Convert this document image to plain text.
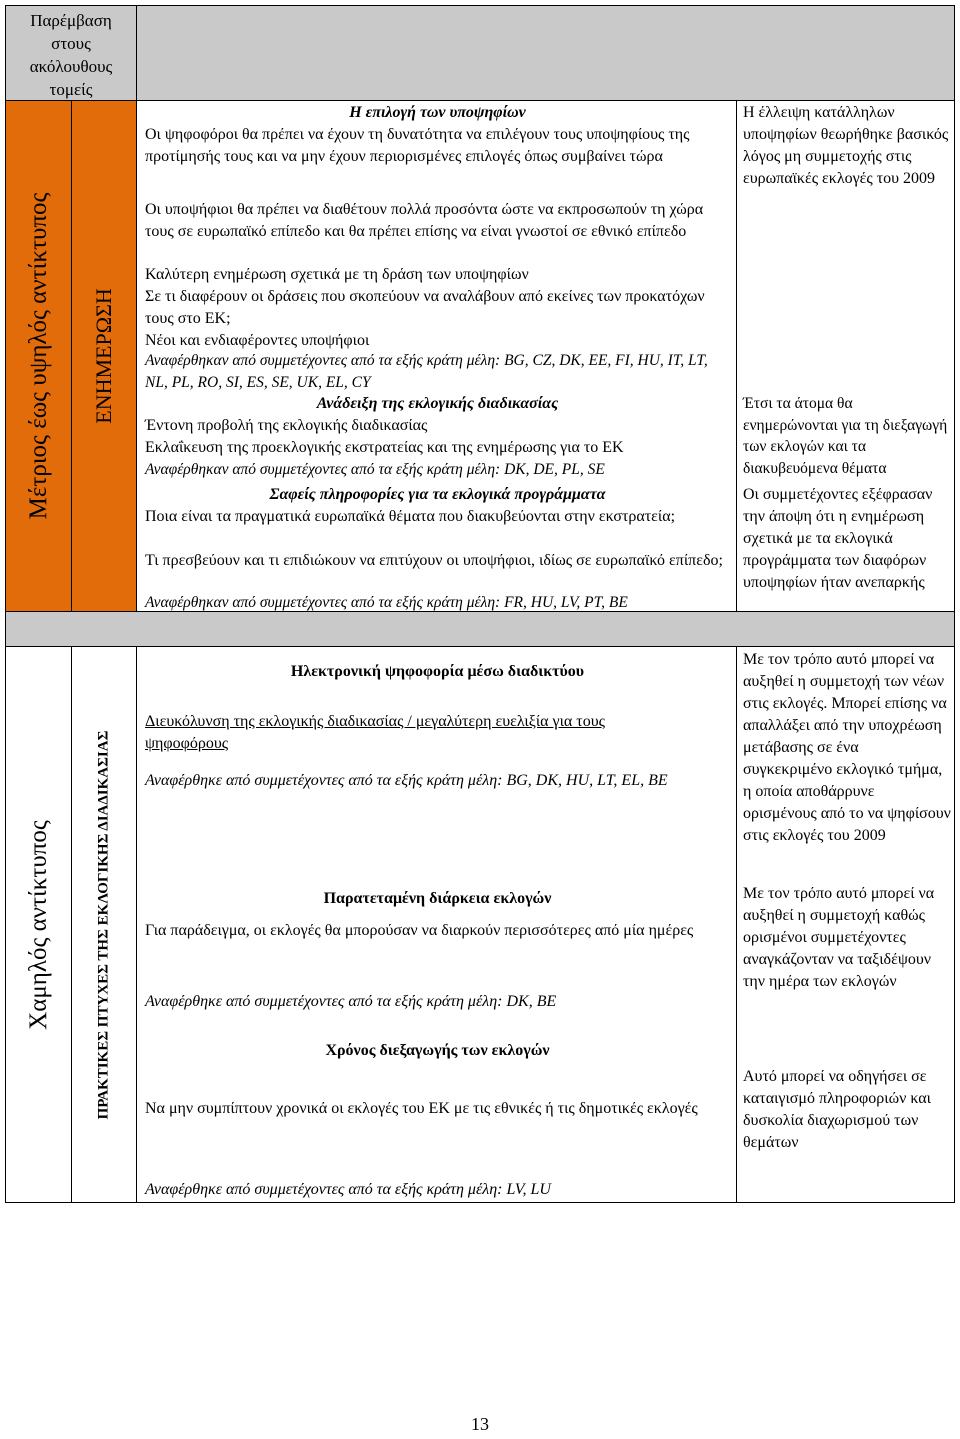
Παρέμβαση στους ακόλουθους τομείς
Μέτριος έως υψηλός αντίκτυπος ΕΝΗΜΕΡΩΣΗ
Η επιλογή των υποψηφίων
Οι ψηφοφόροι θα πρέπει να έχουν τη δυνατότητα να επιλέγουν τους υποψηφίους της προτίμησής τους και να μην έχουν περιορισμένες επιλογές όπως συμβαίνει τώρα
Οι υποψήφιοι θα πρέπει να διαθέτουν πολλά προσόντα ώστε να εκπροσωπούν τη χώρα τους σε ευρωπαϊκό επίπεδο και θα πρέπει επίσης να είναι γνωστοί σε εθνικό επίπεδο
Καλύτερη ενημέρωση σχετικά με τη δράση των υποψηφίων
Σε τι διαφέρουν οι δράσεις που σκοπεύουν να αναλάβουν από εκείνες των προκατόχων τους στο ΕΚ;
Νέοι και ενδιαφέροντες υποψήφιοι
Αναφέρθηκαν από συμμετέχοντες από τα εξής κράτη μέλη: BG, CZ, DK, EE, FI, HU, IT, LT, NL, PL, RO, SI, ES, SE, UK, EL, CY
Ανάδειξη της εκλογικής διαδικασίας
Έντονη προβολή της εκλογικής διαδικασίας
Εκλαΐκευση της προεκλογικής εκστρατείας και της ενημέρωσης για το ΕΚ
Αναφέρθηκαν από συμμετέχοντες από τα εξής κράτη μέλη: DK, DE, PL, SE
Σαφείς πληροφορίες για τα εκλογικά προγράμματα
Ποια είναι τα πραγματικά ευρωπαϊκά θέματα που διακυβεύονται στην εκστρατεία;
Τι πρεσβεύουν και τι επιδιώκουν να επιτύχουν οι υποψήφιοι, ιδίως σε ευρωπαϊκό επίπεδο;
Αναφέρθηκαν από συμμετέχοντες από τα εξής κράτη μέλη: FR, HU, LV, PT, BE
Η έλλειψη κατάλληλων υποψηφίων θεωρήθηκε βασικός λόγος μη συμμετοχής στις ευρωπαϊκές εκλογές του 2009
Έτσι τα άτομα θα ενημερώνονται για τη διεξαγωγή των εκλογών και τα διακυβευόμενα θέματα
Οι συμμετέχοντες εξέφρασαν την άποψη ότι η ενημέρωση σχετικά με τα εκλογικά προγράμματα των διαφόρων υποψηφίων ήταν ανεπαρκής
Χαμηλός αντίκτυπος	ΠΡΑΚΤΙΚΕΣ ΠΤΥΧΕΣ ΤΗΣ ΕΚΛΟΓΙΚΗΣ ΔΙΑΔΙΚΑΣΙΑΣ
Ηλεκτρονική ψηφοφορία μέσω διαδικτύου
Διευκόλυνση της εκλογικής διαδικασίας / μεγαλύτερη ευελιξία για τους ψηφοφόρους
Αναφέρθηκε από συμμετέχοντες από τα εξής κράτη μέλη: BG, DK, HU, LT, EL, BE
Παρατεταμένη διάρκεια εκλογών
Για παράδειγμα, οι εκλογές θα μπορούσαν να διαρκούν περισσότερες από μία ημέρες
Αναφέρθηκε από συμμετέχοντες από τα εξής κράτη μέλη: DK, BE
Χρόνος διεξαγωγής των εκλογών
Να μην συμπίπτουν χρονικά οι εκλογές του ΕΚ με τις εθνικές ή τις δημοτικές εκλογές
Αναφέρθηκε από συμμετέχοντες από τα εξής κράτη μέλη: LV, LU
Με τον τρόπο αυτό μπορεί να αυξηθεί η συμμετοχή των νέων στις εκλογές. Μπορεί επίσης να απαλλάξει από την υποχρέωση μετάβασης σε ένα συγκεκριμένο εκλογικό τμήμα, η οποία αποθάρρυνε ορισμένους από το να ψηφίσουν στις εκλογές του 2009
Με τον τρόπο αυτό μπορεί να αυξηθεί η συμμετοχή καθώς ορισμένοι συμμετέχοντες αναγκάζονταν να ταξιδέψουν την ημέρα των εκλογών
Αυτό μπορεί να οδηγήσει σε καταιγισμό πληροφοριών και δυσκολία διαχωρισμού των θεμάτων
13
